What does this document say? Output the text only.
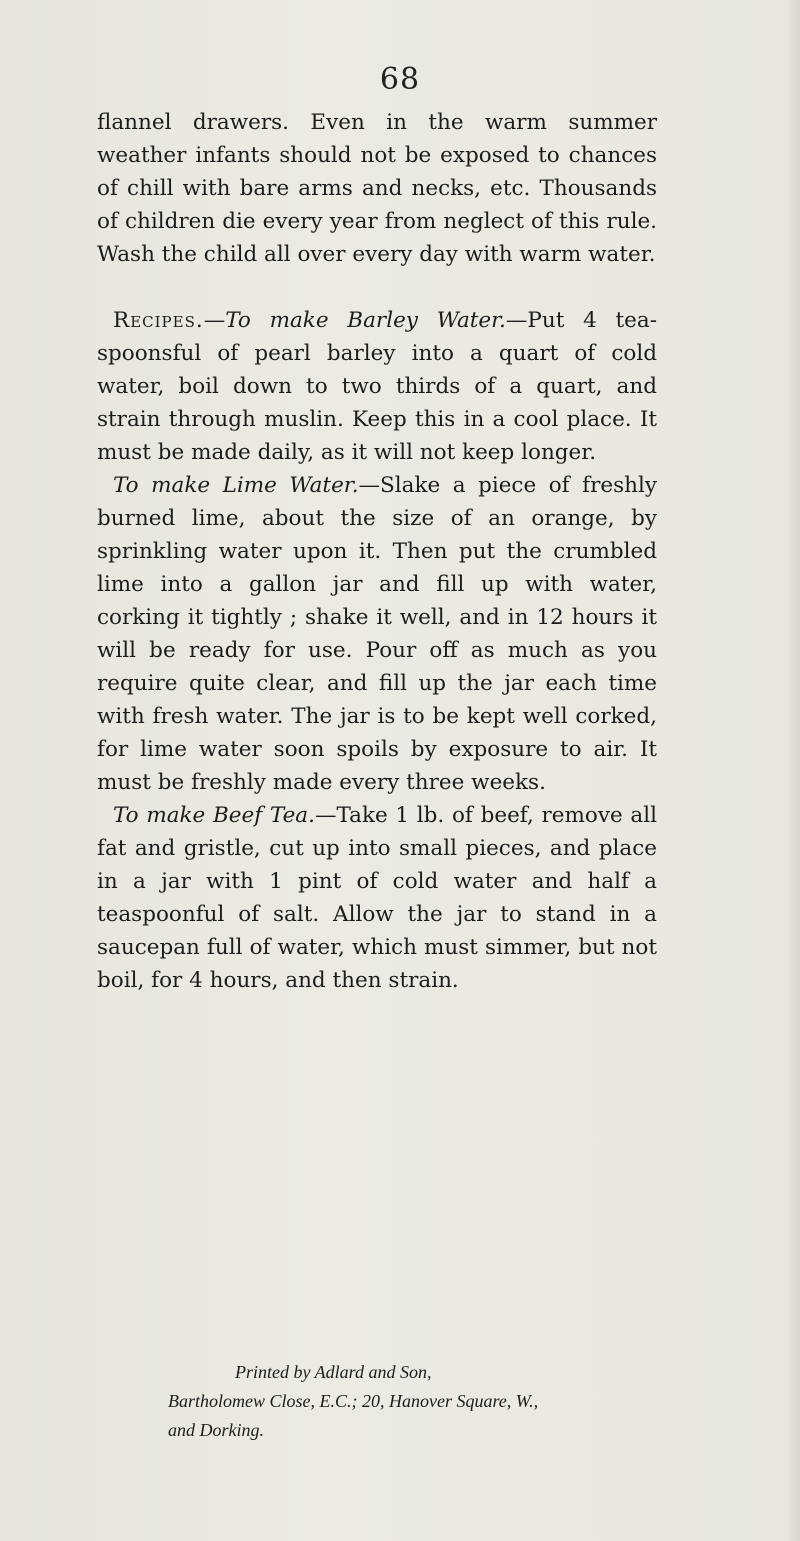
68

flannel drawers. Even in the warm summer weather infants should not be exposed to chances of chill with bare arms and necks, etc. Thousands of children die every year from neglect of this rule. Wash the child all over every day with warm water.

Recipes.—To make Barley Water.—Put 4 tea-spoonsful of pearl barley into a quart of cold water, boil down to two thirds of a quart, and strain through muslin. Keep this in a cool place. It must be made daily, as it will not keep longer.

To make Lime Water.—Slake a piece of freshly burned lime, about the size of an orange, by sprinkling water upon it. Then put the crumbled lime into a gallon jar and fill up with water, corking it tightly ; shake it well, and in 12 hours it will be ready for use. Pour off as much as you require quite clear, and fill up the jar each time with fresh water. The jar is to be kept well corked, for lime water soon spoils by exposure to air. It must be freshly made every three weeks.

To make Beef Tea.—Take 1 lb. of beef, remove all fat and gristle, cut up into small pieces, and place in a jar with 1 pint of cold water and half a teaspoonful of salt. Allow the jar to stand in a saucepan full of water, which must simmer, but not boil, for 4 hours, and then strain.

Printed by Adlard and Son,
Bartholomew Close, E.C.; 20, Hanover Square, W.,
and Dorking.
